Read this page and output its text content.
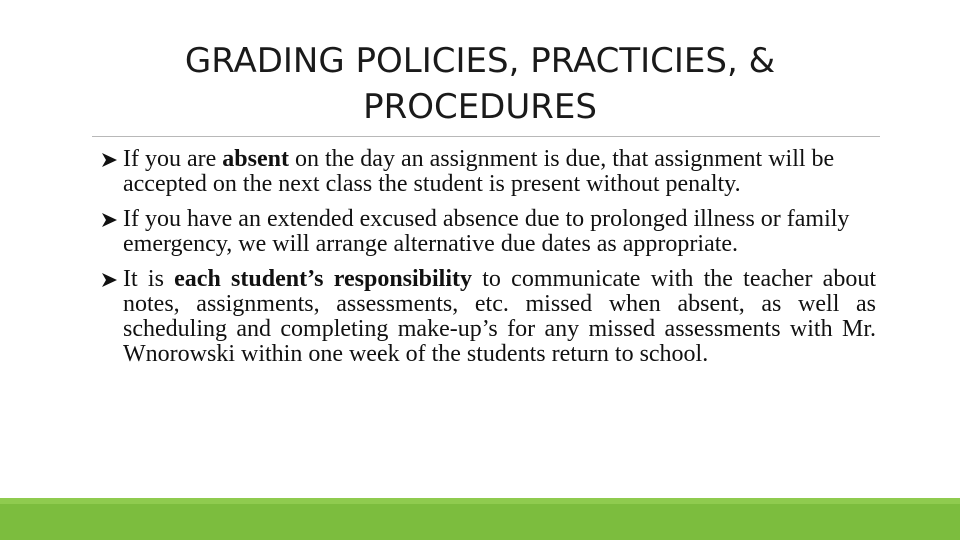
GRADING POLICIES, PRACTICIES, &
PROCEDURES
If you are absent on the day an assignment is due, that assignment will be accepted on the next class the student is present without penalty.
If you have an extended excused absence due to prolonged illness or family emergency, we will arrange alternative due dates as appropriate.
It is each student’s responsibility to communicate with the teacher about notes, assignments, assessments, etc. missed when absent, as well as scheduling and completing make-up’s for any missed assessments with Mr. Wnorowski within one week of the students return to school.
